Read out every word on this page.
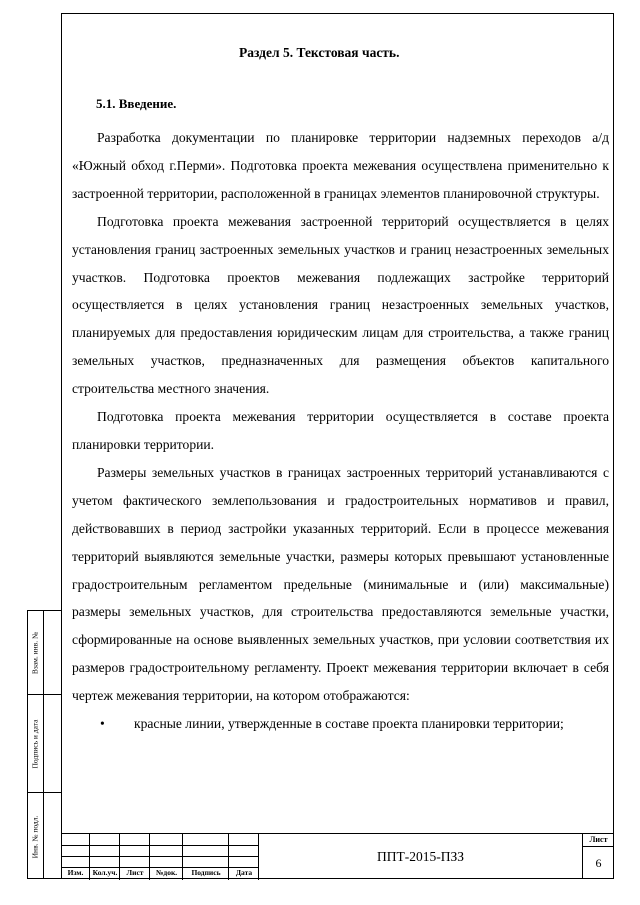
Взам. инв. №
Подпись и дата
Инв. № подл.
Раздел 5. Текстовая часть.
5.1. Введение.

Разработка документации по планировке территории надземных переходов а/д «Южный обход г.Перми». Подготовка проекта межевания осуществлена применительно к застроенной территории, расположенной в границах элементов планировочной структуры.

Подготовка проекта межевания застроенной территорий осуществляется в целях установления границ застроенных земельных участков и границ незастроенных земельных участков. Подготовка проектов межевания подлежащих застройке территорий осуществляется в целях установления границ незастроенных земельных участков, планируемых для предоставления юридическим лицам для строительства, а также границ земельных участков, предназначенных для размещения объектов капитального строительства местного значения.

Подготовка проекта межевания территории осуществляется в составе проекта планировки территории.

Размеры земельных участков в границах застроенных территорий устанавливаются с учетом фактического землепользования и градостроительных нормативов и правил, действовавших в период застройки указанных территорий. Если в процессе межевания территорий выявляются земельные участки, размеры которых превышают установленные градостроительным регламентом предельные (минимальные и (или) максимальные) размеры земельных участков, для строительства предоставляются земельные участки, сформированные на основе выявленных земельных участков, при условии соответствия их размеров градостроительному регламенту. Проект межевания территории включает в себя чертеж межевания территории, на котором отображаются:

• красные линии, утвержденные в составе проекта планировки территории;

Изм.	Кол.уч.	Лист	№док.	Подпись	Дата
ППТ-2015-ПЗЗ
Лист
6
